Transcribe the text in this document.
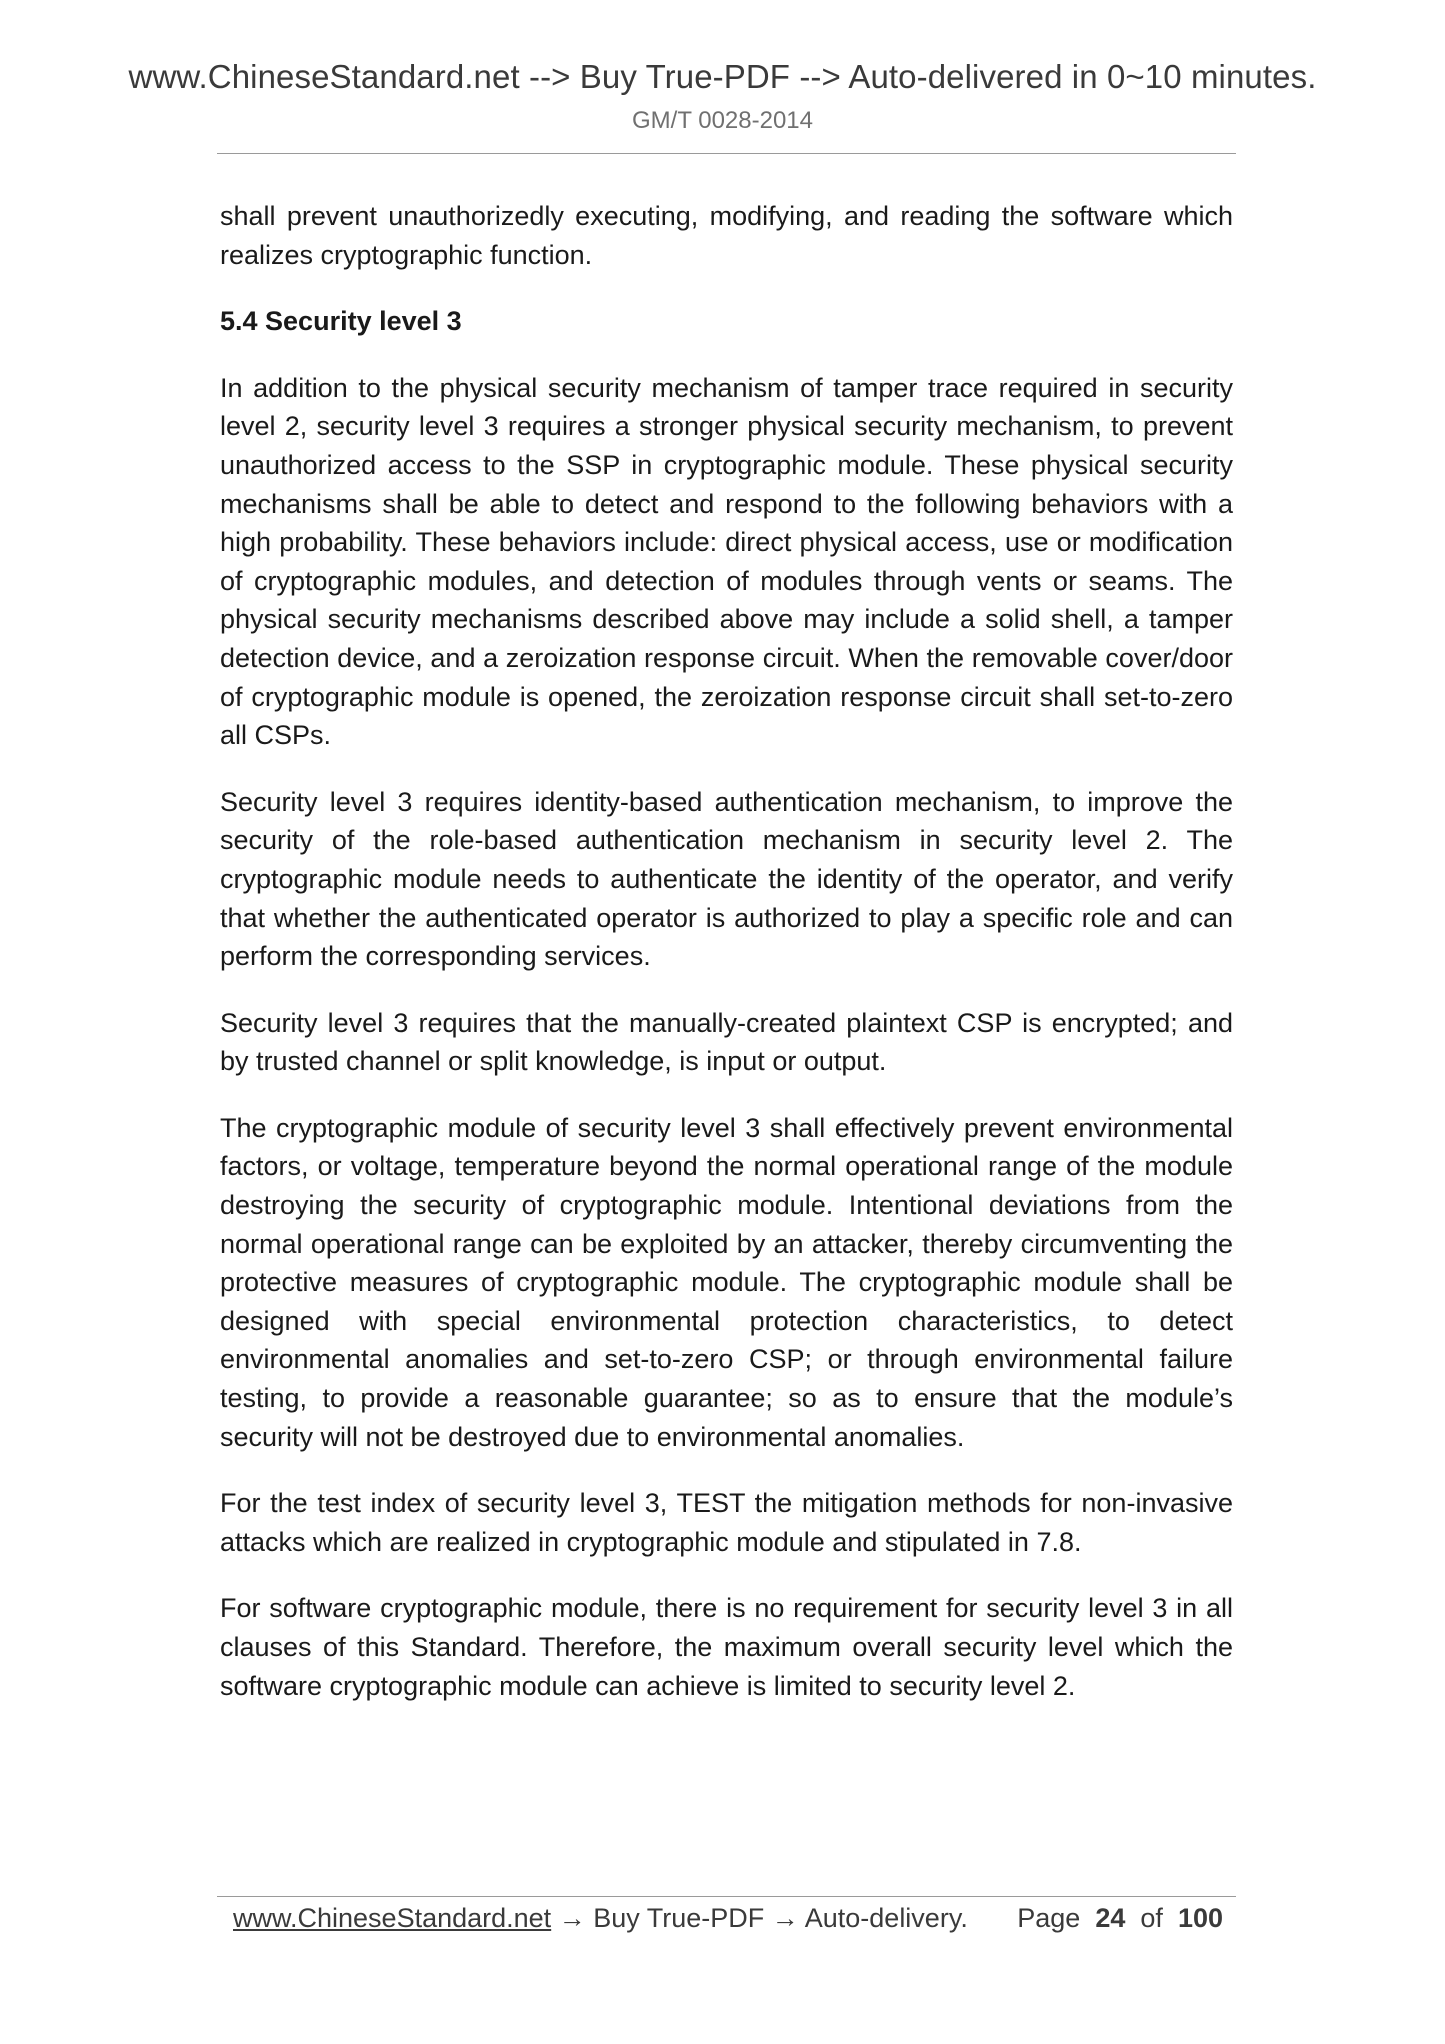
www.ChineseStandard.net --> Buy True-PDF --> Auto-delivered in 0~10 minutes.
GM/T 0028-2014

shall prevent unauthorizedly executing, modifying, and reading the software which realizes cryptographic function.

5.4 Security level 3

In addition to the physical security mechanism of tamper trace required in security level 2, security level 3 requires a stronger physical security mechanism, to prevent unauthorized access to the SSP in cryptographic module. These physical security mechanisms shall be able to detect and respond to the following behaviors with a high probability. These behaviors include: direct physical access, use or modification of cryptographic modules, and detection of modules through vents or seams. The physical security mechanisms described above may include a solid shell, a tamper detection device, and a zeroization response circuit. When the removable cover/door of cryptographic module is opened, the zeroization response circuit shall set-to-zero all CSPs.

Security level 3 requires identity-based authentication mechanism, to improve the security of the role-based authentication mechanism in security level 2. The cryptographic module needs to authenticate the identity of the operator, and verify that whether the authenticated operator is authorized to play a specific role and can perform the corresponding services.

Security level 3 requires that the manually-created plaintext CSP is encrypted; and by trusted channel or split knowledge, is input or output.

The cryptographic module of security level 3 shall effectively prevent environmental factors, or voltage, temperature beyond the normal operational range of the module destroying the security of cryptographic module. Intentional deviations from the normal operational range can be exploited by an attacker, thereby circumventing the protective measures of cryptographic module. The cryptographic module shall be designed with special environmental protection characteristics, to detect environmental anomalies and set-to-zero CSP; or through environmental failure testing, to provide a reasonable guarantee; so as to ensure that the module’s security will not be destroyed due to environmental anomalies.

For the test index of security level 3, TEST the mitigation methods for non-invasive attacks which are realized in cryptographic module and stipulated in 7.8.

For software cryptographic module, there is no requirement for security level 3 in all clauses of this Standard. Therefore, the maximum overall security level which the software cryptographic module can achieve is limited to security level 2.

www.ChineseStandard.net → Buy True-PDF → Auto-delivery. Page 24 of 100
